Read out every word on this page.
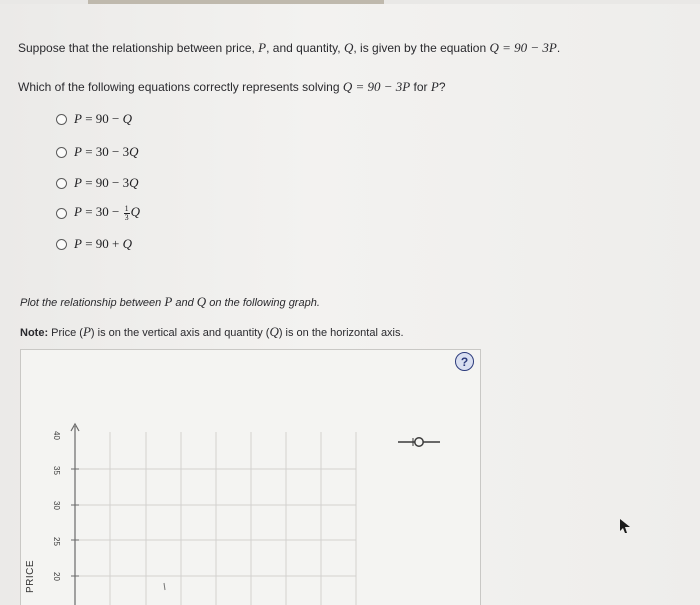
Suppose that the relationship between price, P, and quantity, Q, is given by the equation Q = 90 − 3P.
Which of the following equations correctly represents solving Q = 90 − 3P for P?
P = 90 − Q
P = 30 − 3Q
P = 90 − 3Q
$P = 30 - \frac{1}{3}$ Q
P = 90 + Q
Plot the relationship between P and Q on the following graph.
Note: Price (P) is on the vertical axis and quantity (Q) is on the horizontal axis.
?
40
35
30
25
20
PRICE
